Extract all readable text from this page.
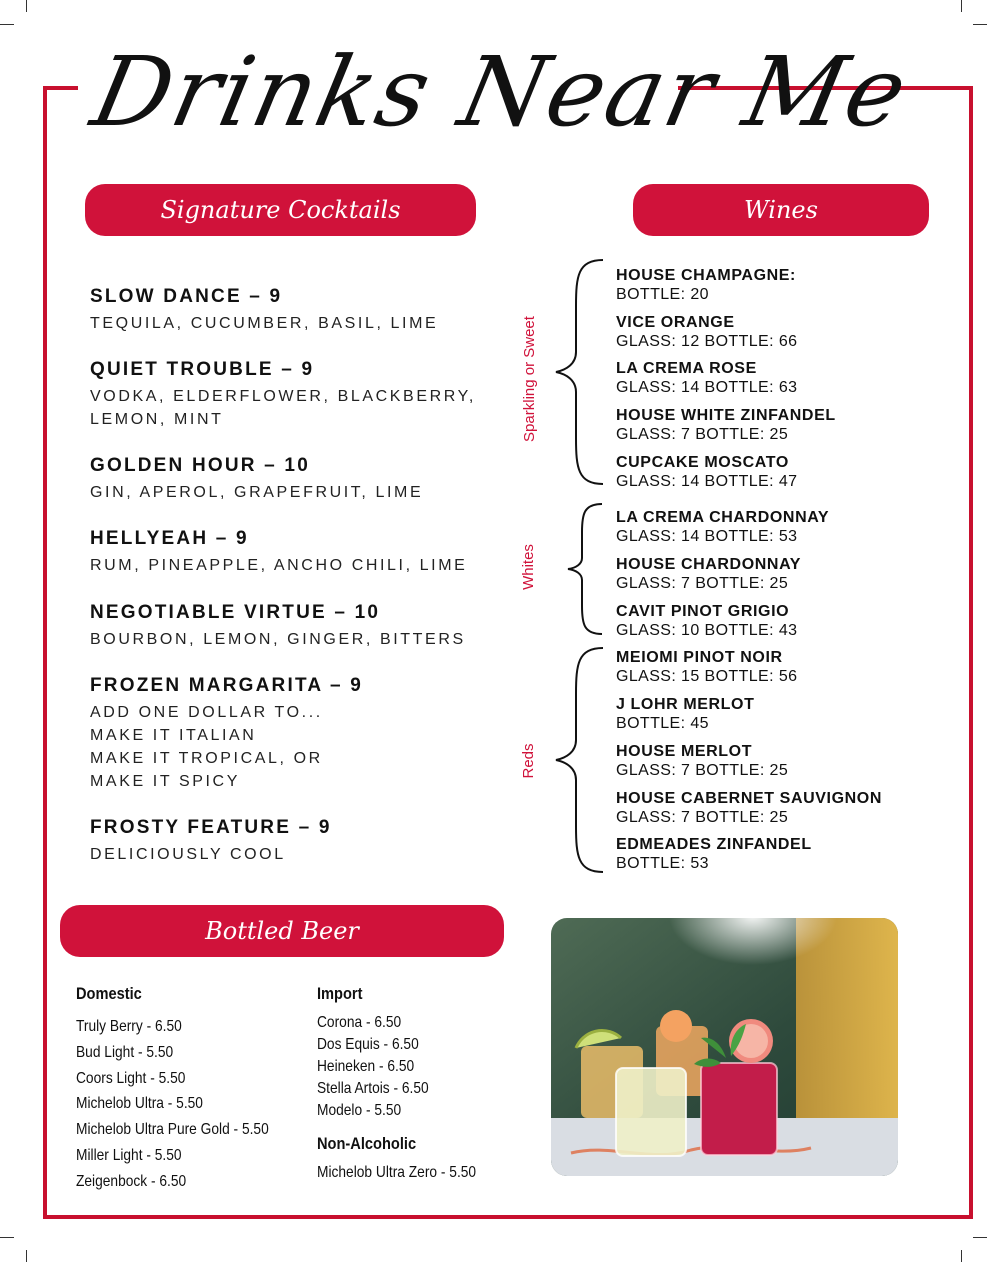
Drinks Near Me
Signature Cocktails	Wines
Bottled Beer
SLOW DANCE – 9
TEQUILA, CUCUMBER, BASIL, LIME
QUIET TROUBLE – 9
VODKA, ELDERFLOWER, BLACKBERRY,
LEMON, MINT
GOLDEN HOUR – 10
GIN, APEROL, GRAPEFRUIT, LIME
HELLYEAH – 9
RUM, PINEAPPLE, ANCHO CHILI, LIME
NEGOTIABLE VIRTUE – 10
BOURBON, LEMON, GINGER, BITTERS
FROZEN MARGARITA – 9
ADD ONE DOLLAR TO...
MAKE IT ITALIAN
MAKE IT TROPICAL, OR
MAKE IT SPICY
FROSTY FEATURE – 9
DELICIOUSLY COOL
Sparkling or Sweet
Whites
Reds
HOUSE CHAMPAGNE:
BOTTLE: 20
VICE ORANGE
GLASS: 12 BOTTLE: 66
LA CREMA ROSE
GLASS: 14 BOTTLE: 63
HOUSE WHITE ZINFANDEL
GLASS: 7 BOTTLE: 25
CUPCAKE MOSCATO
GLASS: 14 BOTTLE: 47
LA CREMA CHARDONNAY
GLASS: 14 BOTTLE: 53
HOUSE CHARDONNAY
GLASS: 7 BOTTLE: 25
CAVIT PINOT GRIGIO
GLASS: 10 BOTTLE: 43
MEIOMI PINOT NOIR
GLASS: 15 BOTTLE: 56
J LOHR MERLOT
BOTTLE: 45
HOUSE MERLOT
GLASS: 7 BOTTLE: 25
HOUSE CABERNET SAUVIGNON
GLASS: 7 BOTTLE: 25
EDMEADES ZINFANDEL
BOTTLE: 53
Domestic
Truly Berry - 6.50
Bud Light - 5.50
Coors Light - 5.50
Michelob Ultra - 5.50
Michelob Ultra Pure Gold - 5.50
Miller Light - 5.50
Zeigenbock - 6.50
Import
Corona - 6.50
Dos Equis - 6.50
Heineken - 6.50
Stella Artois - 6.50
Modelo - 5.50
Non-Alcoholic
Michelob Ultra Zero - 5.50
